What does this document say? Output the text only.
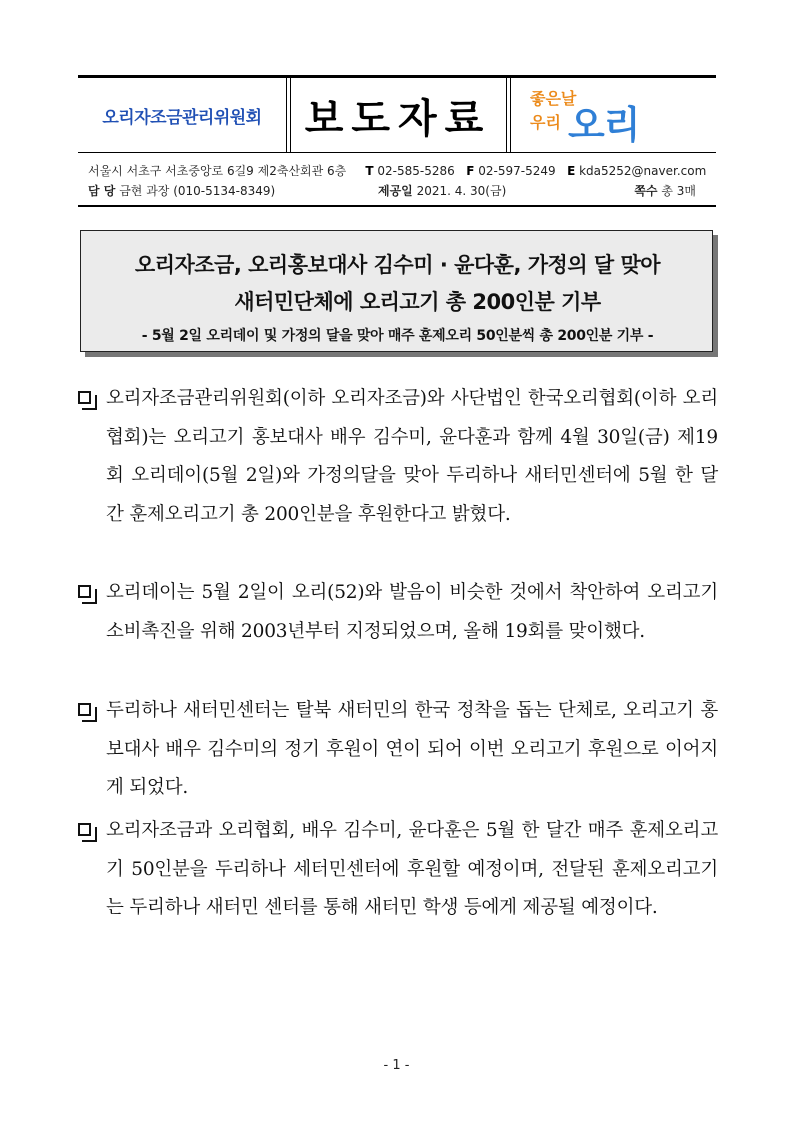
오리자조금관리위원회	보도자료	좋은날
우리 오리
서울시 서초구 서초중앙로 6길9 제2축산회관 6층 T 02-585-5286 F 02-597-5249 E kda5252@naver.com
담 당 금현 과장 (010-5134-8349)	제공일 2021. 4. 30(금)	쪽수 총 3매
오리자조금, 오리홍보대사 김수미 · 윤다훈, 가정의 달 맞아
새터민단체에 오리고기 총 200인분 기부
- 5월 2일 오리데이 및 가정의 달을 맞아 매주 훈제오리 50인분씩 총 200인분 기부 -
오리자조금관리위원회(이하 오리자조금)와 사단법인 한국오리협회(이하 오리협회)는 오리고기 홍보대사 배우 김수미, 윤다훈과 함께 4월 30일(금) 제19회 오리데이(5월 2일)와 가정의달을 맞아 두리하나 새터민센터에 5월 한 달간 훈제오리고기 총 200인분을 후원한다고 밝혔다.
오리데이는 5월 2일이 오리(52)와 발음이 비슷한 것에서 착안하여 오리고기 소비촉진을 위해 2003년부터 지정되었으며, 올해 19회를 맞이했다.
두리하나 새터민센터는 탈북 새터민의 한국 정착을 돕는 단체로, 오리고기 홍보대사 배우 김수미의 정기 후원이 연이 되어 이번 오리고기 후원으로 이어지게 되었다.
오리자조금과 오리협회, 배우 김수미, 윤다훈은 5월 한 달간 매주 훈제오리고기 50인분을 두리하나 세터민센터에 후원할 예정이며, 전달된 훈제오리고기는 두리하나 새터민 센터를 통해 새터민 학생 등에게 제공될 예정이다.
- 1 -
